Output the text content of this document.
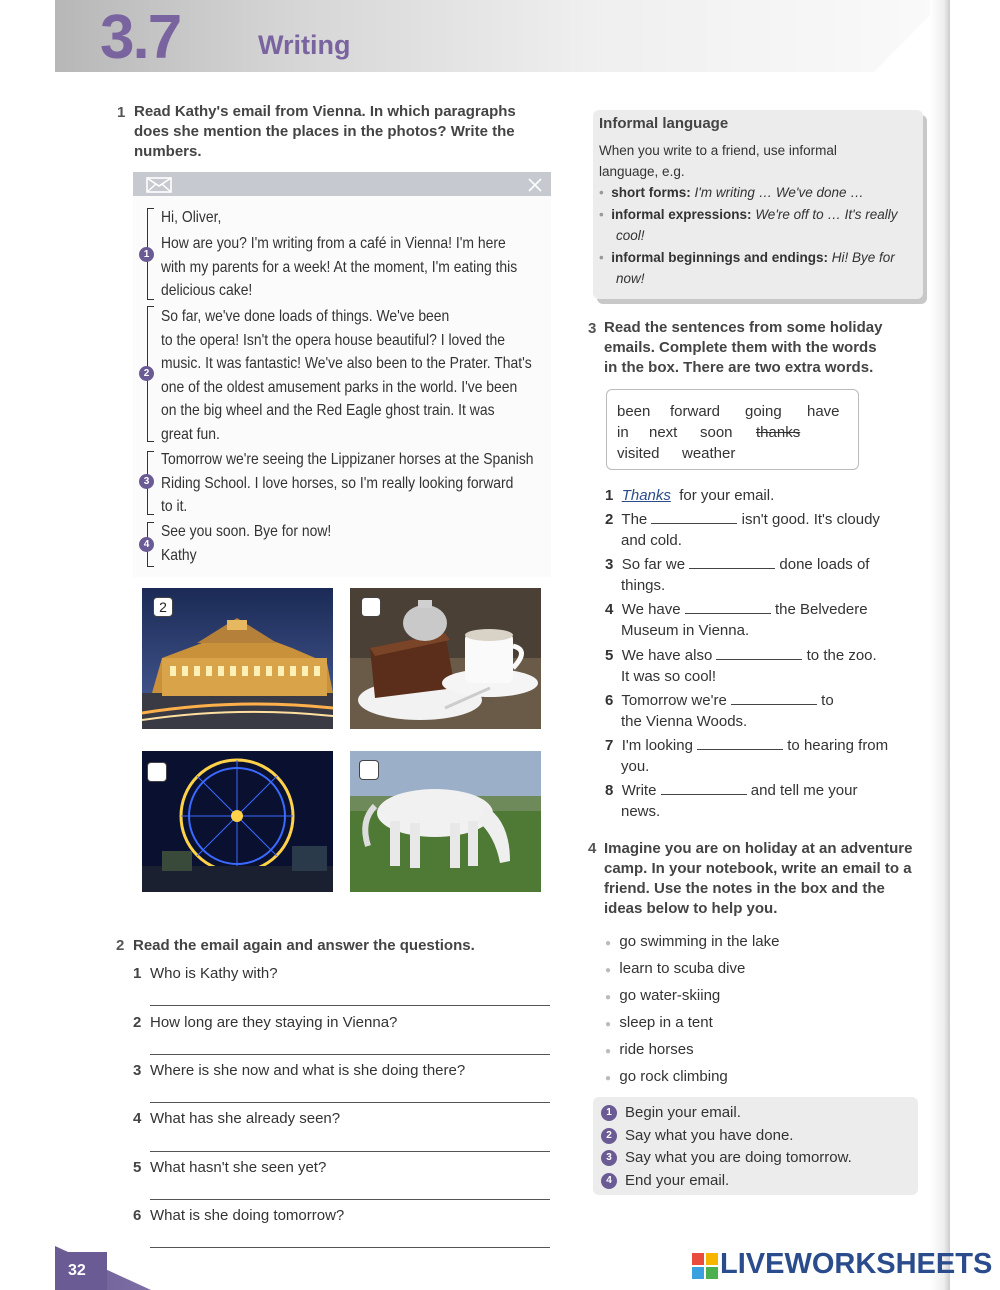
3.7	Writing
1 Read Kathy's email from Vienna. In which paragraphs does she mention the places in the photos? Write the numbers.
1
2
3
4
Hi, Oliver,
How are you? I'm writing from a café in Vienna! I'm here
with my parents for a week! At the moment, I'm eating this
delicious cake!
So far, we've done loads of things. We've been
to the opera! Isn't the opera house beautiful? I loved the
music. It was fantastic! We've also been to the Prater. That's
one of the oldest amusement parks in the world. I've been
on the big wheel and the Red Eagle ghost train. It was
great fun.
Tomorrow we're seeing the Lippizaner horses at the Spanish
Riding School. I love horses, so I'm really looking forward
to it.
See you soon. Bye for now!
Kathy
2
2 Read the email again and answer the questions.
1 Who is Kathy with?
2 How long are they staying in Vienna?
3 Where is she now and what is she doing there?
4 What has she already seen?
5 What hasn't she seen yet?
6 What is she doing tomorrow?
Informal language
When you write to a friend, use informal
language, e.g.
• short forms: I'm writing … We've done …
• informal expressions: We're off to … It's really
cool!
• informal beginnings and endings: Hi! Bye for
now!
3 Read the sentences from some holiday emails. Complete them with the words in the box. There are two extra words.
been	forward	going	have
in	next	soon	thanks
visited	weather
1 Thanks for your email.
2 The	isn't good. It's cloudy
and cold.
3 So far we	done loads of
things.
4 We have	the Belvedere
Museum in Vienna.
5 We have also	to the zoo.
It was so cool!
6 Tomorrow we're	to
the Vienna Woods.
7 I'm looking	to hearing from
you.
8 Write	and tell me your
news.
4 Imagine you are on holiday at an adventure camp. In your notebook, write an email to a friend. Use the notes in the box and the ideas below to help you.
● go swimming in the lake
● learn to scuba dive
● go water-skiing
● sleep in a tent
● ride horses
● go rock climbing
1 Begin your email.
2 Say what you have done.
3 Say what you are doing tomorrow.
4 End your email.
32	LIVEWORKSHEETS
